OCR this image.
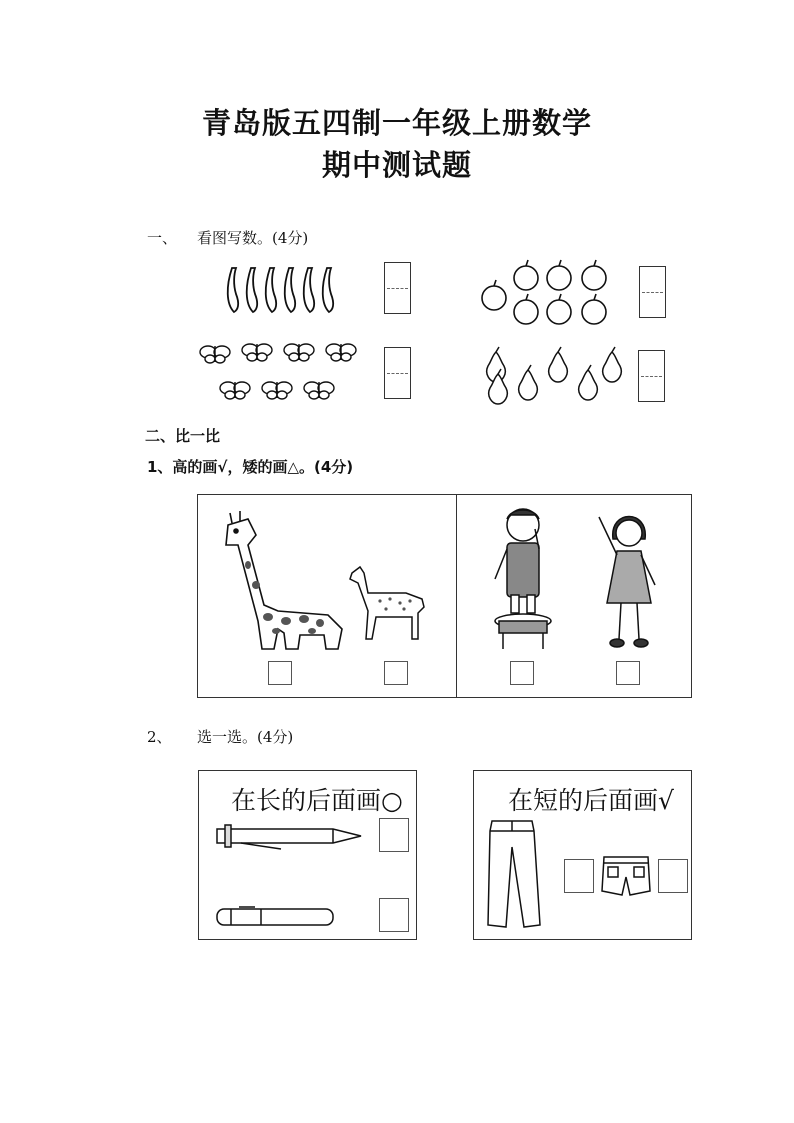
青岛版五四制一年级上册数学
期中测试题
一、 看图写数。(4分)
二、比一比
1、高的画√，矮的画△。(4分)
2、 选一选。(4分)
在长的后面画○	在短的后面画√
